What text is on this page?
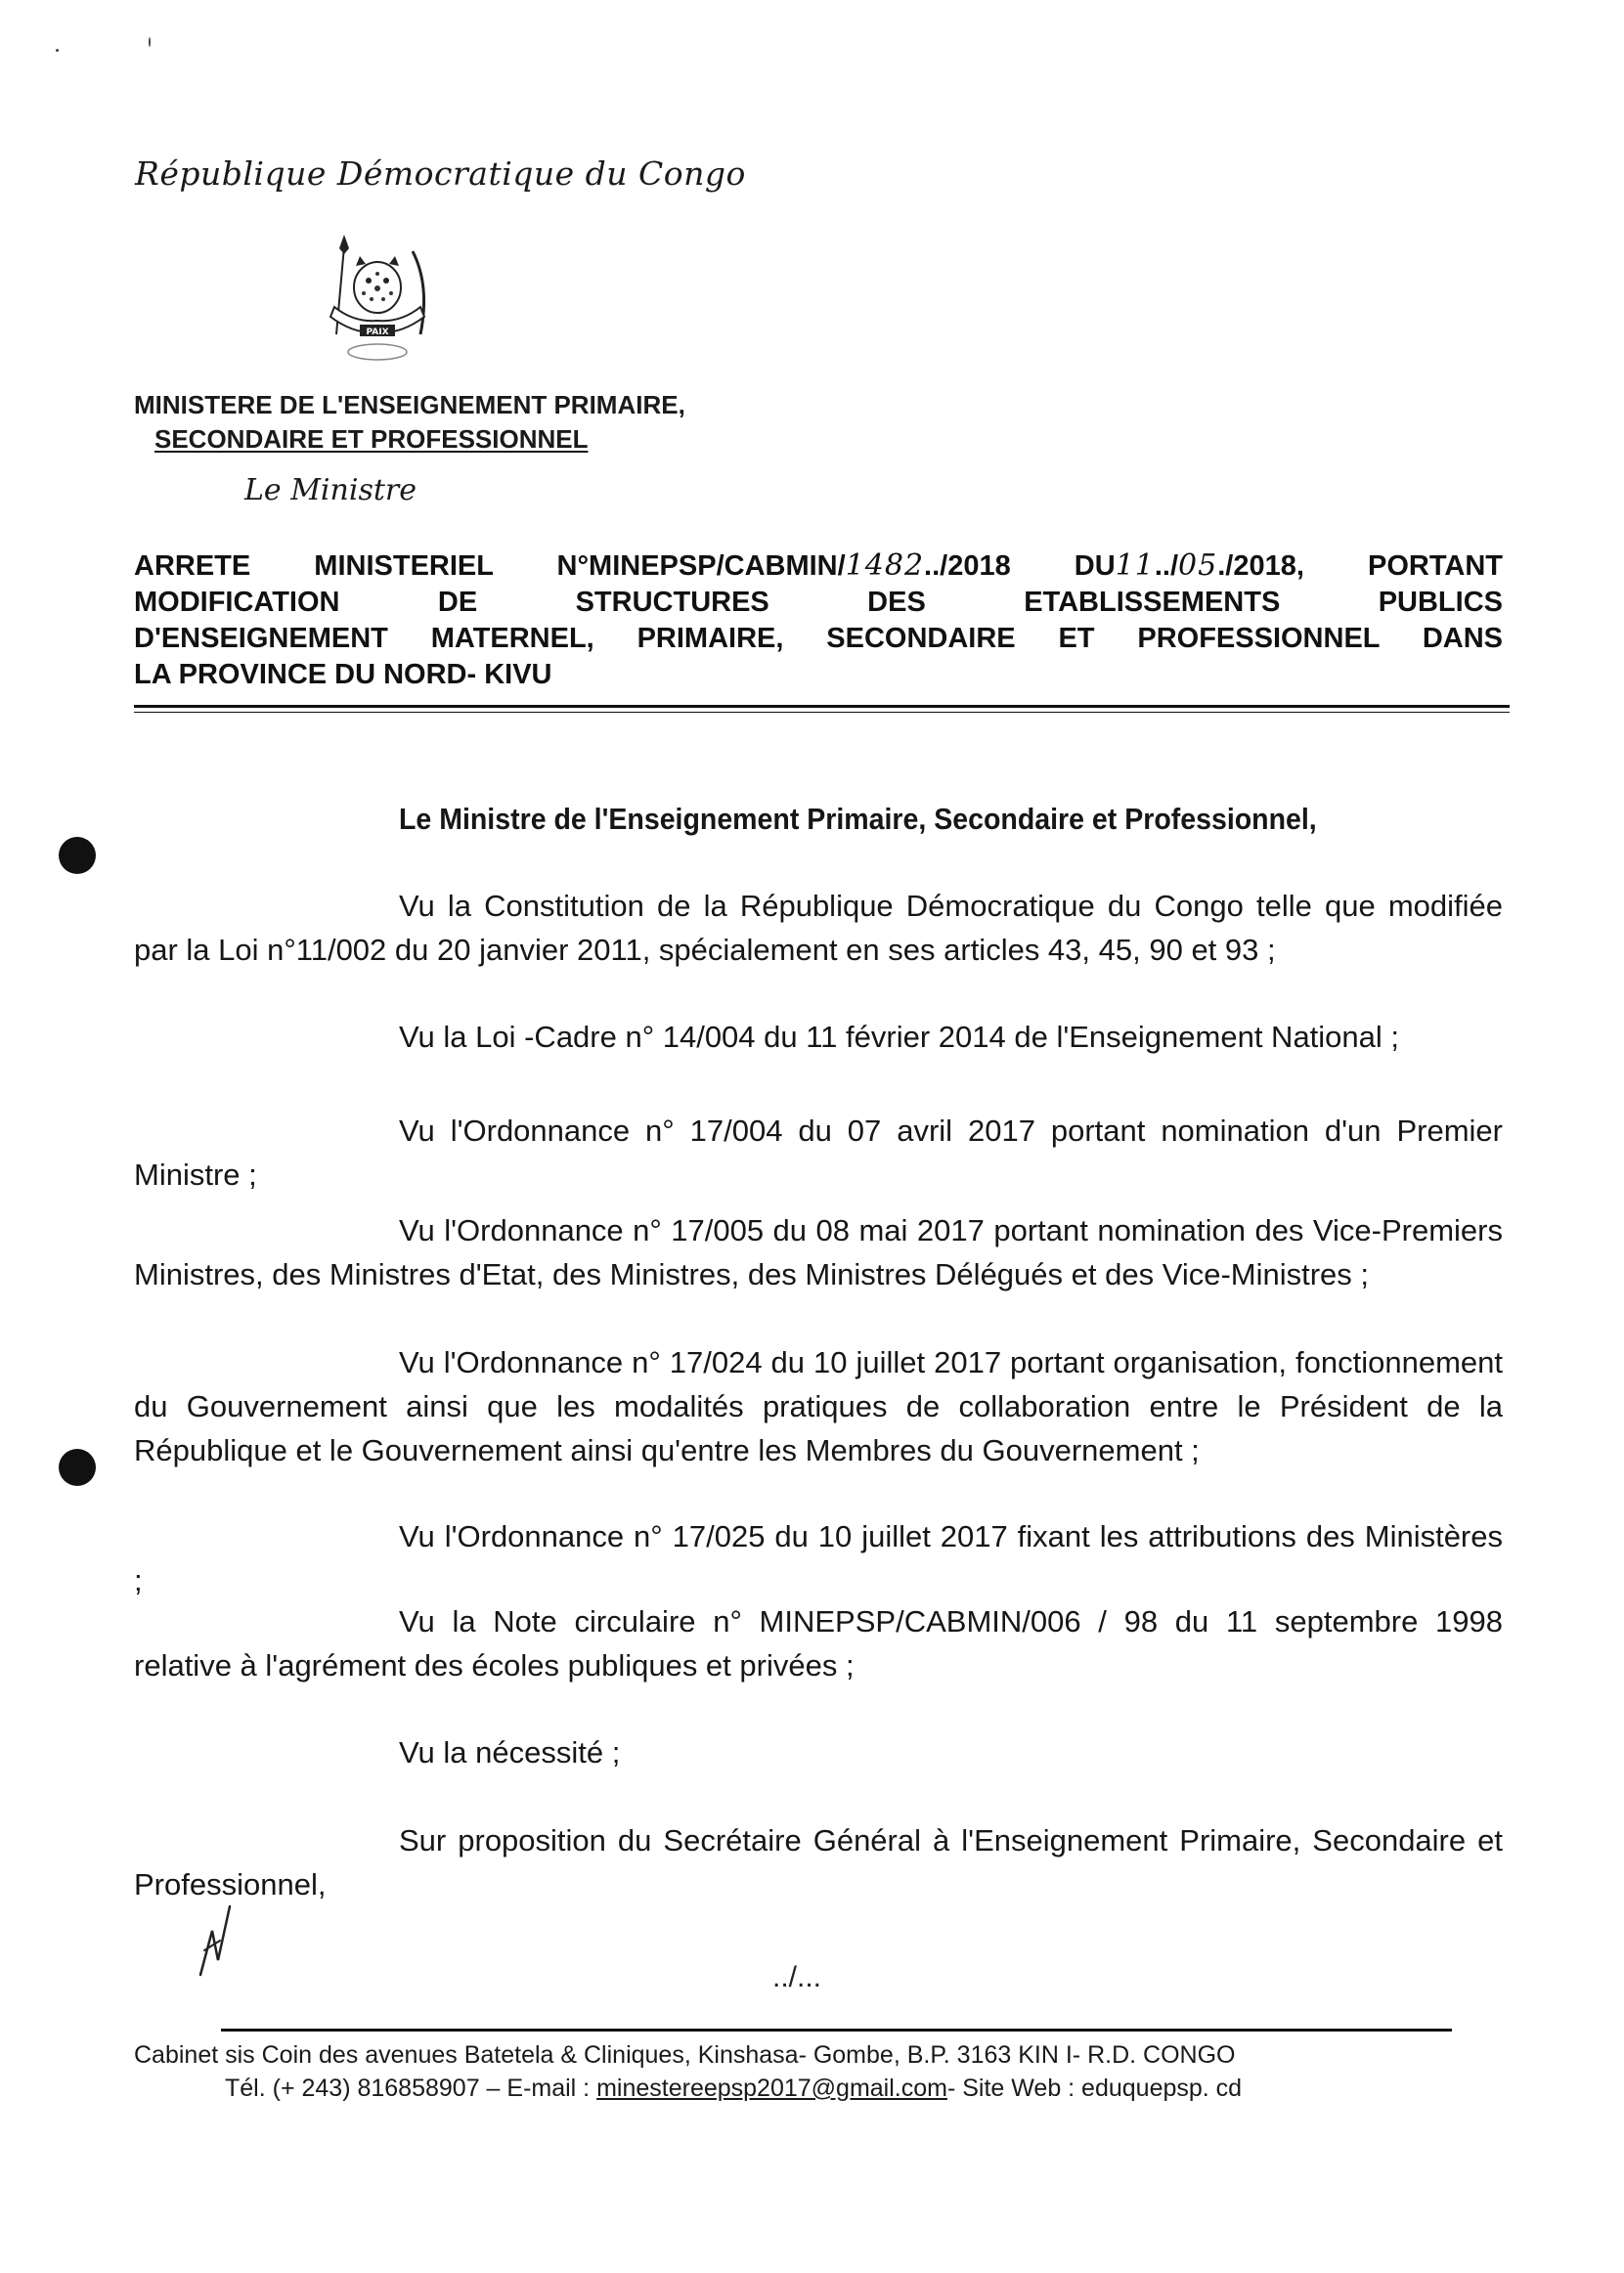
République Démocratique du Congo
PAIX
MINISTERE DE L'ENSEIGNEMENT PRIMAIRE,
SECONDAIRE ET PROFESSIONNEL
Le Ministre
ARRETE MINISTERIEL N°MINEPSP/CABMIN/1482../2018 DU11../05./2018, PORTANT
MODIFICATION DE STRUCTURES DES ETABLISSEMENTS PUBLICS
D'ENSEIGNEMENT MATERNEL, PRIMAIRE, SECONDAIRE ET PROFESSIONNEL DANS
LA PROVINCE DU NORD- KIVU
Le Ministre de l'Enseignement Primaire, Secondaire et Professionnel,
Vu la Constitution de la République Démocratique du Congo telle que modifiée par la Loi n°11/002 du 20 janvier 2011, spécialement en ses articles 43, 45, 90 et 93 ;
Vu la Loi -Cadre n° 14/004 du 11 février 2014 de l'Enseignement National ;
Vu l'Ordonnance n° 17/004 du 07 avril 2017 portant nomination d'un Premier Ministre ;
Vu l'Ordonnance n° 17/005 du 08 mai 2017 portant nomination des Vice-Premiers Ministres, des Ministres d'Etat, des Ministres, des Ministres Délégués et des Vice-Ministres ;
Vu l'Ordonnance n° 17/024 du 10 juillet 2017 portant organisation, fonctionnement du Gouvernement ainsi que les modalités pratiques de collaboration entre le Président de la République et le Gouvernement ainsi qu'entre les Membres du Gouvernement ;
Vu l'Ordonnance n° 17/025 du 10 juillet 2017 fixant les attributions des Ministères ;
Vu la Note circulaire n° MINEPSP/CABMIN/006 / 98 du 11 septembre 1998 relative à l'agrément des écoles publiques et privées ;
Vu la nécessité ;
Sur proposition du Secrétaire Général à l'Enseignement Primaire, Secondaire et Professionnel,
../...
Cabinet sis Coin des avenues Batetela & Cliniques, Kinshasa- Gombe, B.P. 3163 KIN I- R.D. CONGO
Tél. (+ 243) 816858907 – E-mail : minestereepsp2017@gmail.com- Site Web : eduquepsp. cd
